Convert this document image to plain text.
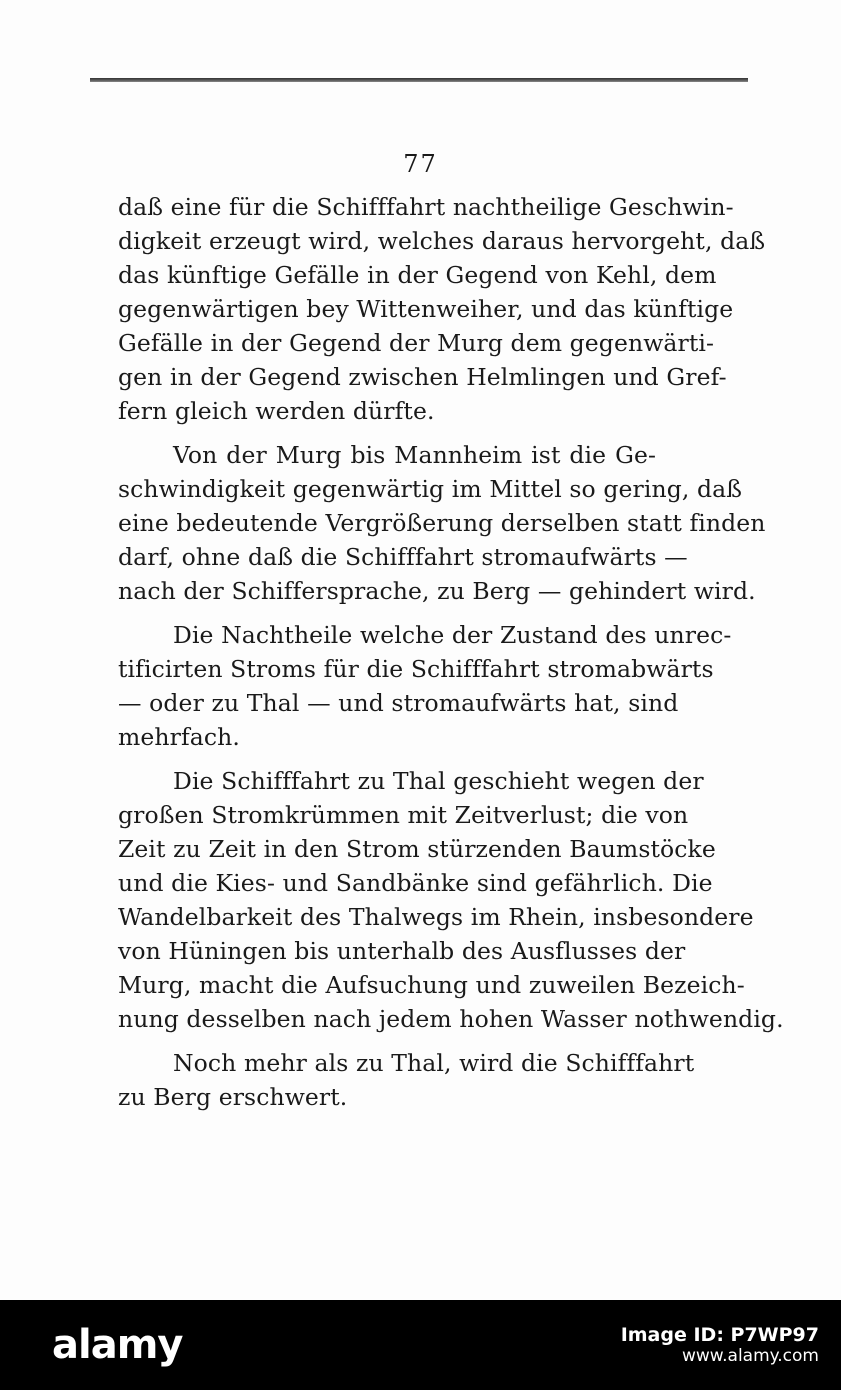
77
daß eine für die Schifffahrt nachtheilige Geschwin-
digkeit erzeugt wird, welches daraus hervorgeht, daß
das künftige Gefälle in der Gegend von Kehl, dem
gegenwärtigen bey Wittenweiher, und das künftige
Gefälle in der Gegend der Murg dem gegenwärti-
gen in der Gegend zwischen Helmlingen und Gref-
fern gleich werden dürfte.
Von der Murg bis Mannheim ist die Ge-
schwindigkeit gegenwärtig im Mittel so gering, daß
eine bedeutende Vergrößerung derselben statt finden
darf, ohne daß die Schifffahrt stromaufwärts —
nach der Schiffersprache, zu Berg — gehindert wird.
Die Nachtheile welche der Zustand des unrec-
tificirten Stroms für die Schifffahrt stromabwärts
— oder zu Thal — und stromaufwärts hat, sind
mehrfach.
Die Schifffahrt zu Thal geschieht wegen der
großen Stromkrümmen mit Zeitverlust; die von
Zeit zu Zeit in den Strom stürzenden Baumstöcke
und die Kies- und Sandbänke sind gefährlich. Die
Wandelbarkeit des Thalwegs im Rhein, insbesondere
von Hüningen bis unterhalb des Ausflusses der
Murg, macht die Aufsuchung und zuweilen Bezeich-
nung desselben nach jedem hohen Wasser nothwendig.
Noch mehr als zu Thal, wird die Schifffahrt
zu Berg erschwert.
alamy	Image ID: P7WP97
www.alamy.com
